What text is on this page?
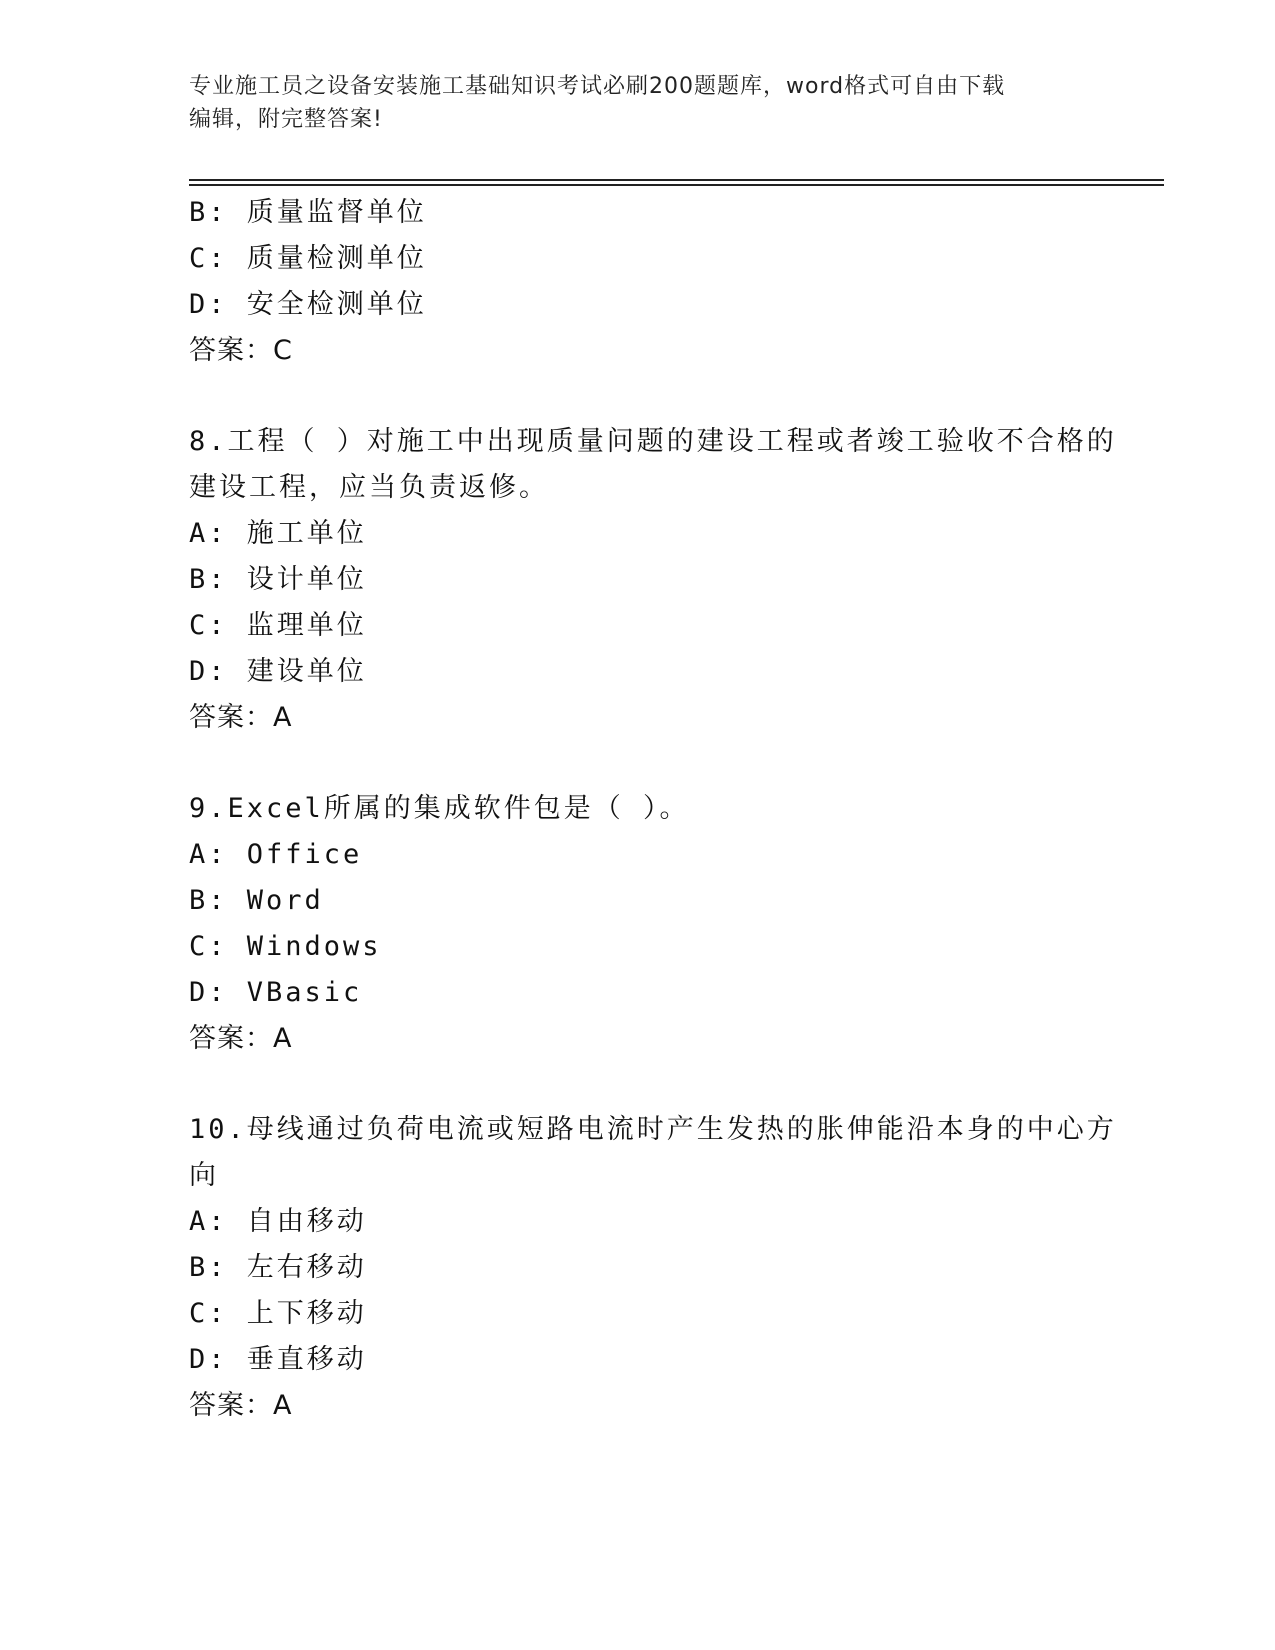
专业施工员之设备安装施工基础知识考试必刷200题题库，word格式可自由下载
编辑，附完整答案!
B: 质量监督单位
C: 质量检测单位
D: 安全检测单位
答案：C
8.工程（ ）对施工中出现质量问题的建设工程或者竣工验收不合格的
建设工程，应当负责返修。
A: 施工单位
B: 设计单位
C: 监理单位
D: 建设单位
答案：A
9.Excel所属的集成软件包是（ ）。
A: Office
B: Word
C: Windows
D: VBasic
答案：A
10.母线通过负荷电流或短路电流时产生发热的胀伸能沿本身的中心方
向
A: 自由移动
B: 左右移动
C: 上下移动
D: 垂直移动
答案：A
